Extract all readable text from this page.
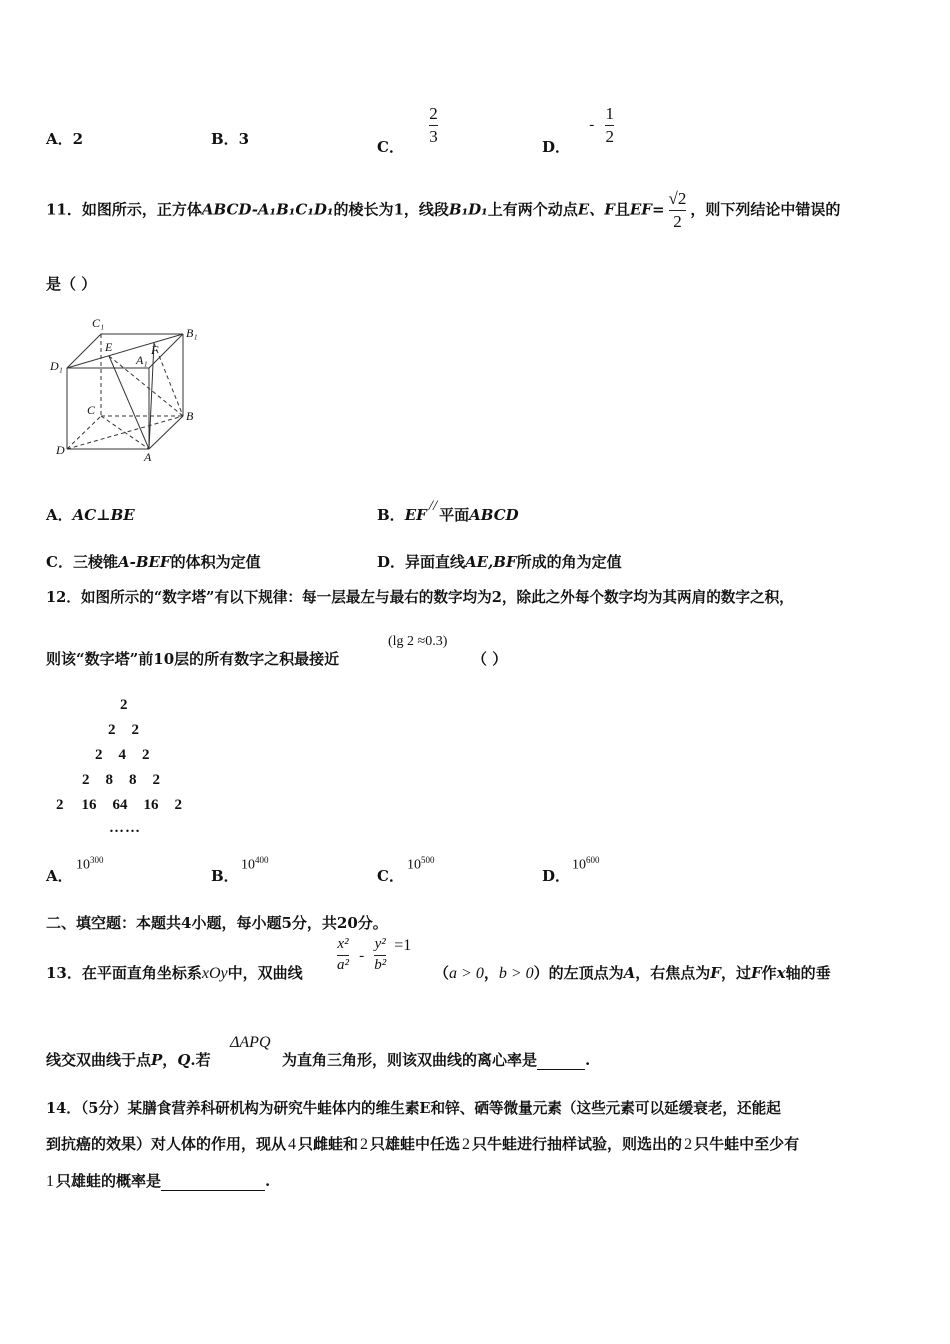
A．2	B．3	C．
$\frac{2}{3}$
D． - $\frac{1}{2}$
11．如图所示，正方体ABCD-A₁B₁C₁D₁的棱长为1，线段B₁D₁上有两个动点E、F且$EF= \frac{√2}{2}$ ，则下列结论中错误的
是（ ）
C₁
B₁
D₁
E
A₁
F
C	B
D	A
A．AC⊥BE	B．EF // 平面ABCD
C．三棱锥A-BEF的体积为定值	D．异面直线AE,BF所成的角为定值
12．如图所示的“数字塔”有以下规律：每一层最左与最右的数字均为2，除此之外每个数字均为其两肩的数字之积，
则该“数字塔”前10层的所有数字之积最接近
(lg 2 ≈0.3)
（ ）
2
2 2
2 4 2
2 8 8 2
2 16 64 16 2
……
A．
$10^{300}$
B．
$10^{400}$
C．
$10^{500}$
D．
$10^{600}$
二、填空题：本题共4小题，每小题5分，共20分。
13．在平面直角坐标系xOy中，双曲线 $\frac{\text{x²}}{\text{a²}} - \frac{\text{y²}}{\text{b²}} =1$
（a > 0，b > 0）的左顶点为A，右焦点为F，过F作x轴的垂
线交双曲线于点P，Q.若
ΔAPQ
为直角三角形，则该双曲线的离心率是	.
14．（5分）某膳食营养科研机构为研究牛蛙体内的维生素E和锌、硒等微量元素（这些元素可以延缓衰老，还能起
到抗癌的效果）对人体的作用，现从 4 只雌蛙和 2 只雄蛙中任选 2 只牛蛙进行抽样试验，则选出的 2 只牛蛙中至少有
1 只雄蛙的概率是	.
